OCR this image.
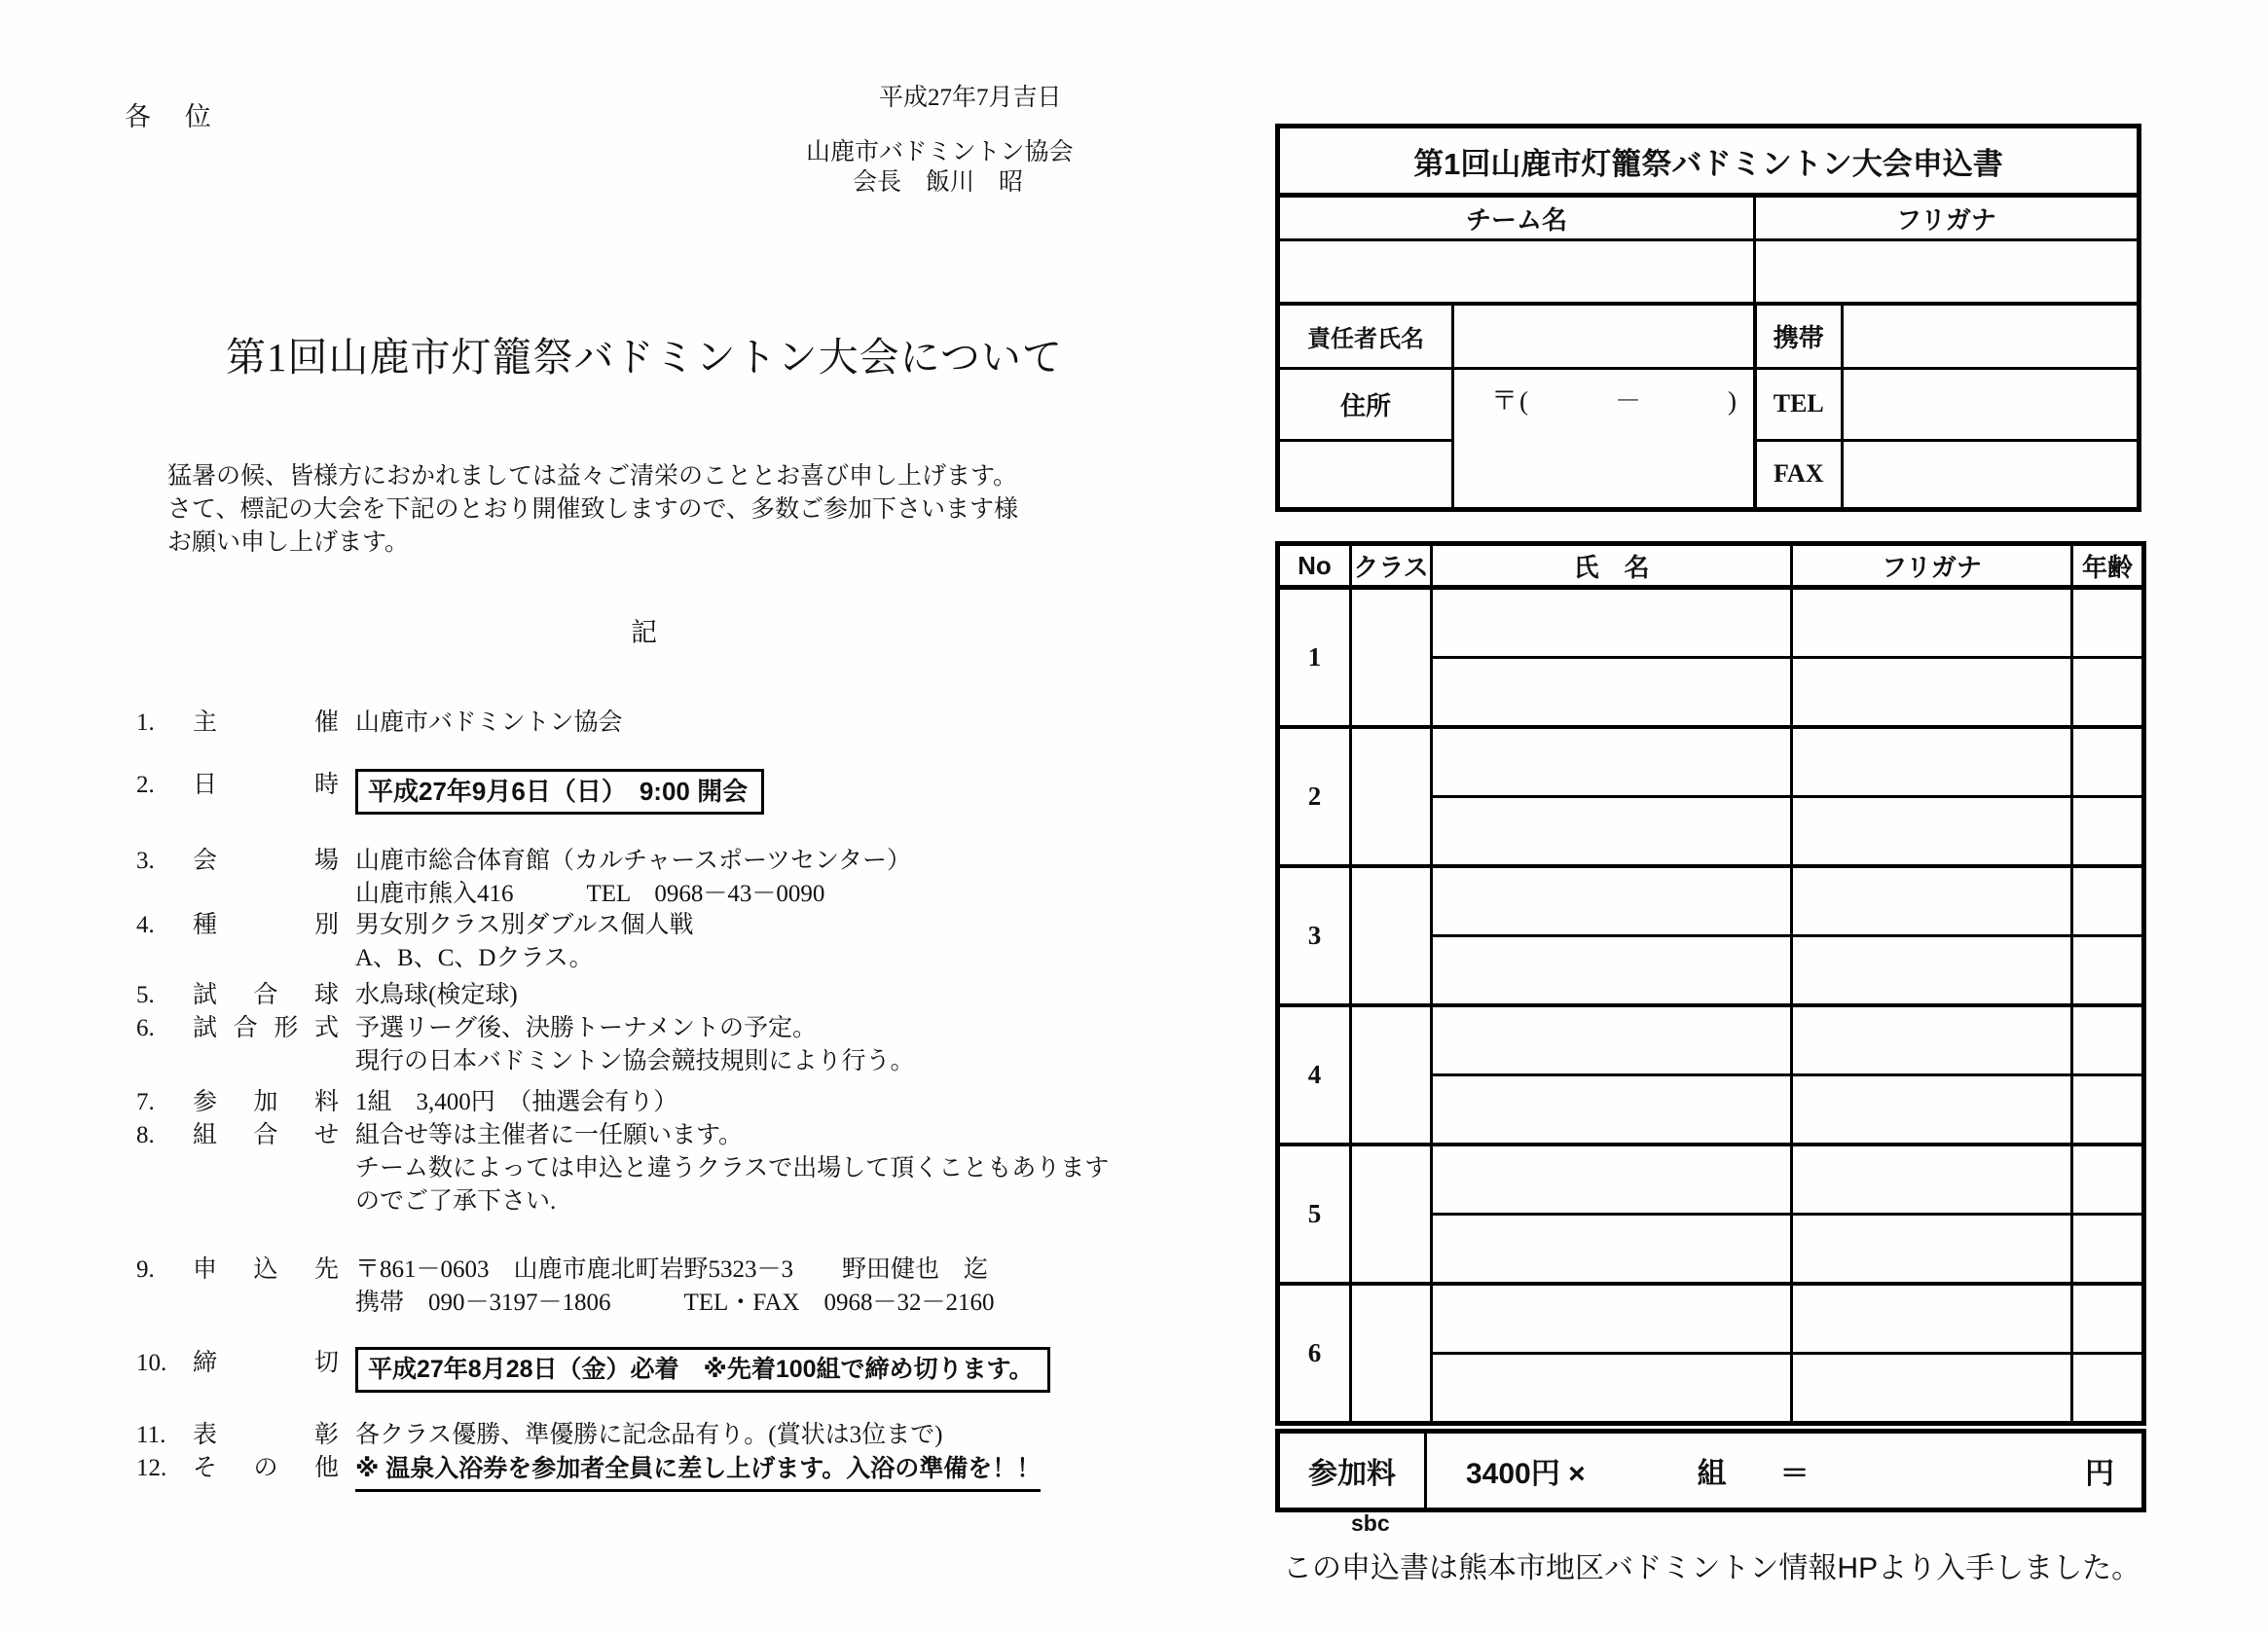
各 位
平成27年7月吉日
山鹿市バドミントン協会
会長　飯川　昭
第1回山鹿市灯籠祭バドミントン大会について
猛暑の候、皆様方におかれましては益々ご清栄のこととお喜び申し上げます。
さて、標記の大会を下記のとおり開催致しますので、多数ご参加下さいます様
お願い申し上げます。
記
1.	主催 山鹿市バドミントン協会
2.	日時	平成27年9月6日（日）　9:00 開会
3.	会場 山鹿市総合体育館（カルチャースポーツセンター）
山鹿市熊入416　　　TEL　0968－43－0090
4.	種別 男女別クラス別ダブルス個人戦
A、B、C、Dクラス。
5.	試合球 水鳥球(検定球)
6.	試合形式 予選リーグ後、決勝トーナメントの予定。
現行の日本バドミントン協会競技規則により行う。
7.	参加料 1組　3,400円　（抽選会有り）
8.	組合せ 組合せ等は主催者に一任願います。
チーム数によっては申込と違うクラスで出場して頂くこともあります
のでご了承下さい.
9.	申込先 〒861－0603　山鹿市鹿北町岩野5323－3　　野田健也　迄
携帯　090－3197－1806　　　TEL・FAX　0968－32－2160
10.	締切	平成27年8月28日（金）必着　※先着100組で締め切ります。
11.	表彰 各クラス優勝、準優勝に記念品有り。(賞状は3位まで)
12.	その他 ※ 温泉入浴券を参加者全員に差し上げます。入浴の準備を！！
第1回山鹿市灯籠祭バドミントン大会申込書			
チーム名		フリガナ	

責任者氏名		携帯	
住所	〒(　　　－　　　)	TEL	
		FAX	
No	クラス	氏　名	フリガナ	年齢
1				

2				

3				

4				

5				

6				

参加料	3400円 ×	組 ＝	円
sbc
この申込書は熊本市地区バドミントン情報HPより入手しました。
